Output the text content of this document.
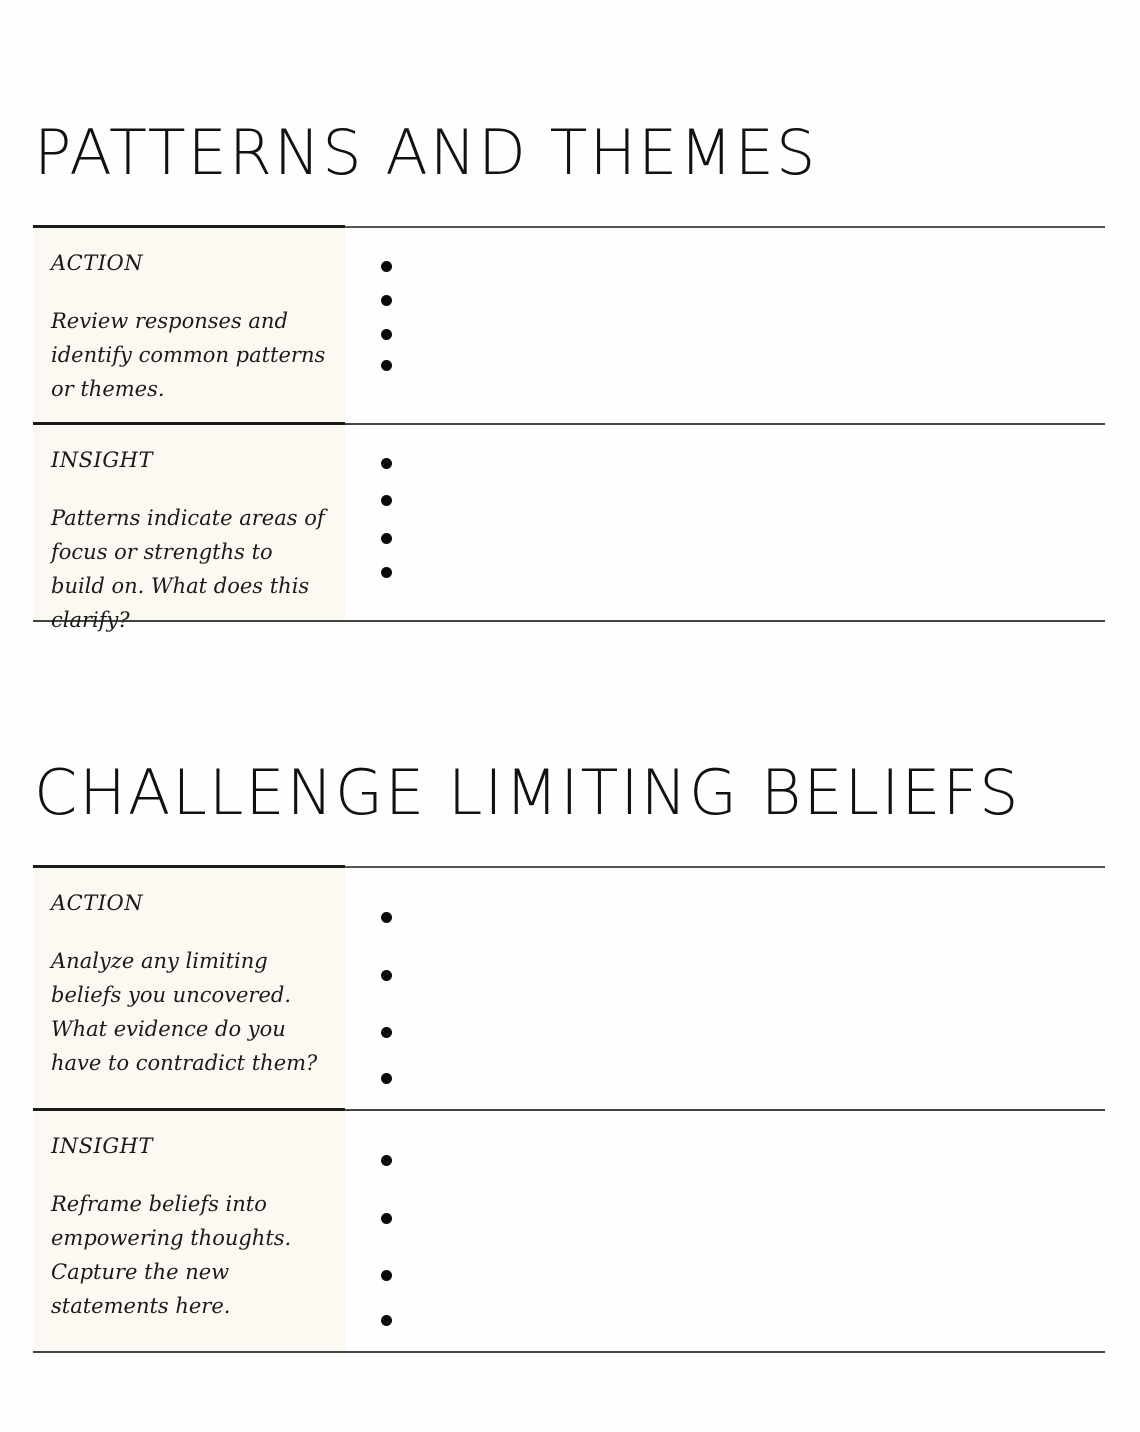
PATTERNS AND THEMES
ACTION
Review responses and identify common patterns or themes.
INSIGHT
Patterns indicate areas of focus or strengths to build on. What does this clarify?
CHALLENGE LIMITING BELIEFS
ACTION
Analyze any limiting beliefs you uncovered. What evidence do you have to contradict them?
INSIGHT
Reframe beliefs into empowering thoughts. Capture the new statements here.
